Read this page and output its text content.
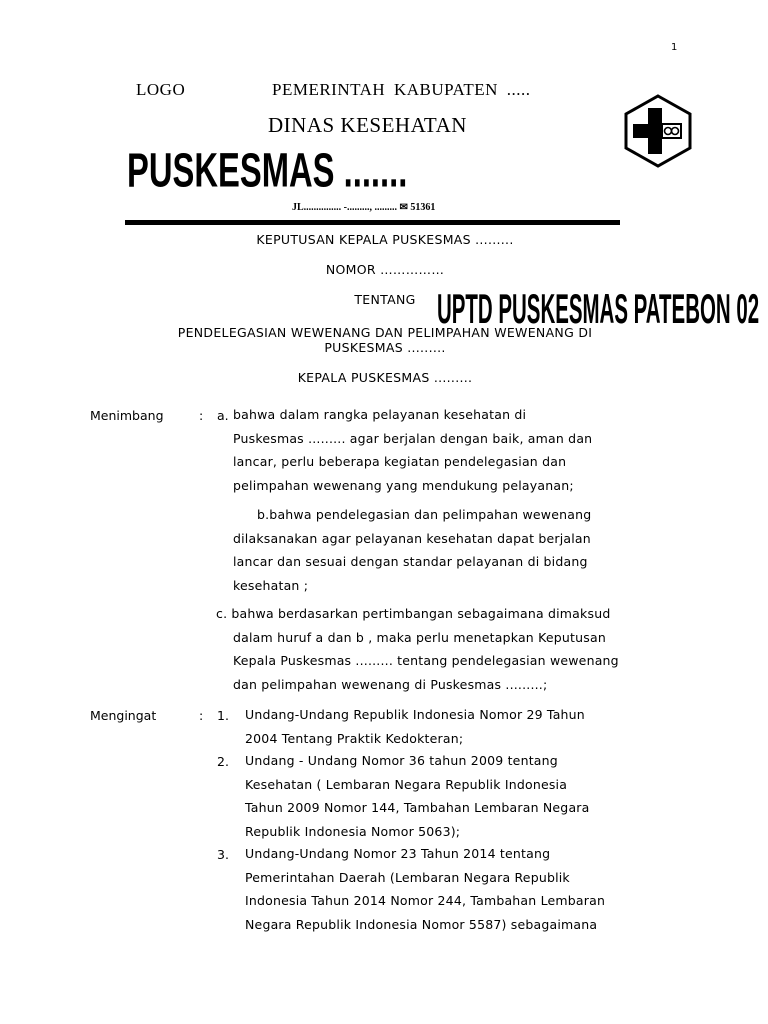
1
LOGO	PEMERINTAH KABUPATEN .....
DINAS KESEHATAN
PUSKESMAS .......
JL............... -........., ......... ✉ 51361
KEPUTUSAN KEPALA PUSKESMAS .........
NOMOR ……………
TENTANG
PENDELEGASIAN WEWENANG DAN PELIMPAHAN WEWENANG DI
PUSKESMAS .........
KEPALA PUSKESMAS .........
UPTD PUSKESMAS PATEBON 02
Menimbang	: a. bahwa dalam rangka pelayanan kesehatan di
Puskesmas ......... agar berjalan dengan baik, aman dan
lancar, perlu beberapa kegiatan pendelegasian dan
pelimpahan wewenang yang mendukung pelayanan;
b.bahwa pendelegasian dan pelimpahan wewenang
dilaksanakan agar pelayanan kesehatan dapat berjalan
lancar dan sesuai dengan standar pelayanan di bidang
kesehatan ;
c. bahwa berdasarkan pertimbangan sebagaimana dimaksud
dalam huruf a dan b , maka perlu menetapkan Keputusan
Kepala Puskesmas ......... tentang pendelegasian wewenang
dan pelimpahan wewenang di Puskesmas .........;
Mengingat	: 1. Undang-Undang Republik Indonesia Nomor 29 Tahun
2004 Tentang Praktik Kedokteran;
2. Undang - Undang Nomor 36 tahun 2009 tentang
Kesehatan ( Lembaran Negara Republik Indonesia
Tahun 2009 Nomor 144, Tambahan Lembaran Negara
Republik Indonesia Nomor 5063);
3. Undang-Undang Nomor 23 Tahun 2014 tentang
Pemerintahan Daerah (Lembaran Negara Republik
Indonesia Tahun 2014 Nomor 244, Tambahan Lembaran
Negara Republik Indonesia Nomor 5587) sebagaimana
